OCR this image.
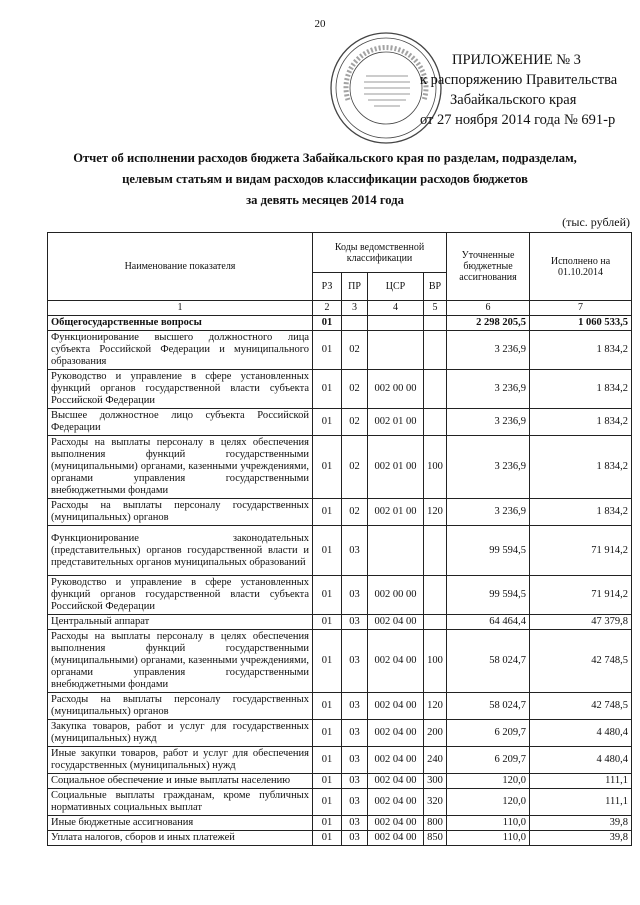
20
ПРИЛОЖЕНИЕ № 3
к распоряжению Правительства
Забайкальского края
от 27 ноября 2014 года № 691-р
Отчет об исполнении расходов бюджета Забайкальского края по разделам, подразделам,
целевым статьям и видам расходов классификации расходов бюджетов
за девять месяцев 2014 года
(тыс. рублей)
Наименование показателя	Коды ведомственной классификации				Уточненные бюджетные ассигнования	Исполнено на 01.10.2014
	РЗ	ПР	ЦСР	ВР		
1	2	3	4	5	6	7
Общегосударственные вопросы	01				2 298 205,5	1 060 533,5
Функционирование высшего должностного лица субъекта Российской Федерации и муниципального образования	01	02			3 236,9	1 834,2
Руководство и управление в сфере установленных функций органов государственной власти субъекта Российской Федерации	01	02	002 00 00		3 236,9	1 834,2
Высшее должностное лицо субъекта Российской Федерации	01	02	002 01 00		3 236,9	1 834,2
Расходы на выплаты персоналу в целях обеспечения выполнения функций государственными (муниципальными) органами, казенными учреждениями, органами управления государственными внебюджетными фондами	01	02	002 01 00	100	3 236,9	1 834,2
Расходы на выплаты персоналу государственных (муниципальных) органов	01	02	002 01 00	120	3 236,9	1 834,2
Функционирование законодательных (представительных) органов государственной власти и представительных органов муниципальных образований	01	03			99 594,5	71 914,2
Руководство и управление в сфере установленных функций органов государственной власти субъекта Российской Федерации	01	03	002 00 00		99 594,5	71 914,2
Центральный аппарат	01	03	002 04 00		64 464,4	47 379,8
Расходы на выплаты персоналу в целях обеспечения выполнения функций государственными (муниципальными) органами, казенными учреждениями, органами управления государственными внебюджетными фондами	01	03	002 04 00	100	58 024,7	42 748,5
Расходы на выплаты персоналу государственных (муниципальных) органов	01	03	002 04 00	120	58 024,7	42 748,5
Закупка товаров, работ и услуг для государственных (муниципальных) нужд	01	03	002 04 00	200	6 209,7	4 480,4
Иные закупки товаров, работ и услуг для обеспечения государственных (муниципальных) нужд	01	03	002 04 00	240	6 209,7	4 480,4
Социальное обеспечение и иные выплаты населению	01	03	002 04 00	300	120,0	111,1
Социальные выплаты гражданам, кроме публичных нормативных социальных выплат	01	03	002 04 00	320	120,0	111,1
Иные бюджетные ассигнования	01	03	002 04 00	800	110,0	39,8
Уплата налогов, сборов и иных платежей	01	03	002 04 00	850	110,0	39,8
